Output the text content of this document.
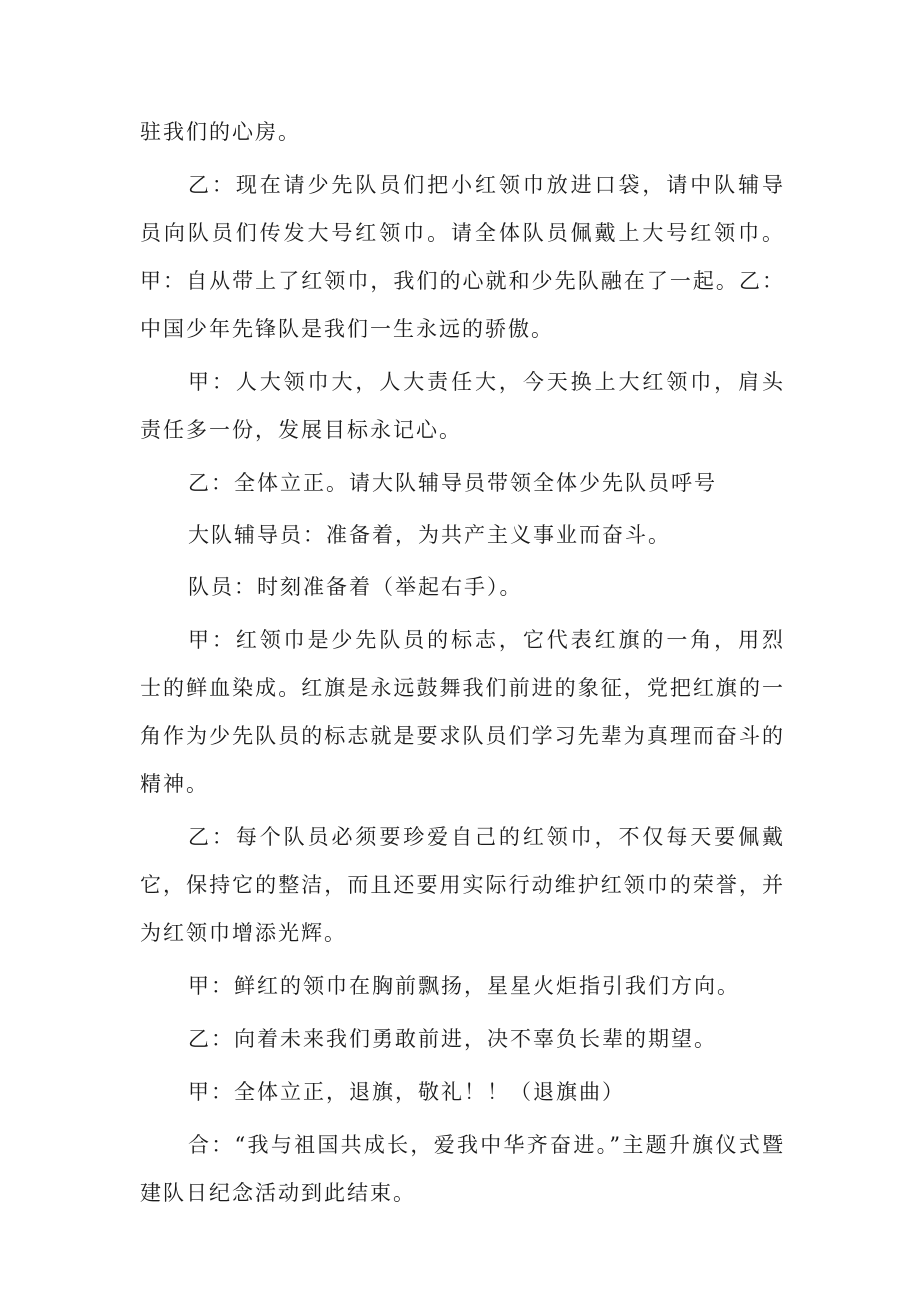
驻我们的心房。

乙：现在请少先队员们把小红领巾放进口袋，请中队辅导员向队员们传发大号红领巾。请全体队员佩戴上大号红领巾。甲：自从带上了红领巾，我们的心就和少先队融在了一起。乙：中国少年先锋队是我们一生永远的骄傲。

甲：人大领巾大，人大责任大，今天换上大红领巾，肩头责任多一份，发展目标永记心。

乙：全体立正。请大队辅导员带领全体少先队员呼号

大队辅导员：准备着，为共产主义事业而奋斗。

队员：时刻准备着（举起右手）。

甲：红领巾是少先队员的标志，它代表红旗的一角，用烈士的鲜血染成。红旗是永远鼓舞我们前进的象征，党把红旗的一角作为少先队员的标志就是要求队员们学习先辈为真理而奋斗的精神。

乙：每个队员必须要珍爱自己的红领巾，不仅每天要佩戴它，保持它的整洁，而且还要用实际行动维护红领巾的荣誉，并为红领巾增添光辉。

甲：鲜红的领巾在胸前飘扬，星星火炬指引我们方向。

乙：向着未来我们勇敢前进，决不辜负长辈的期望。

甲：全体立正，退旗，敬礼！！（退旗曲）

合：“我与祖国共成长，爱我中华齐奋进。”主题升旗仪式暨建队日纪念活动到此结束。
